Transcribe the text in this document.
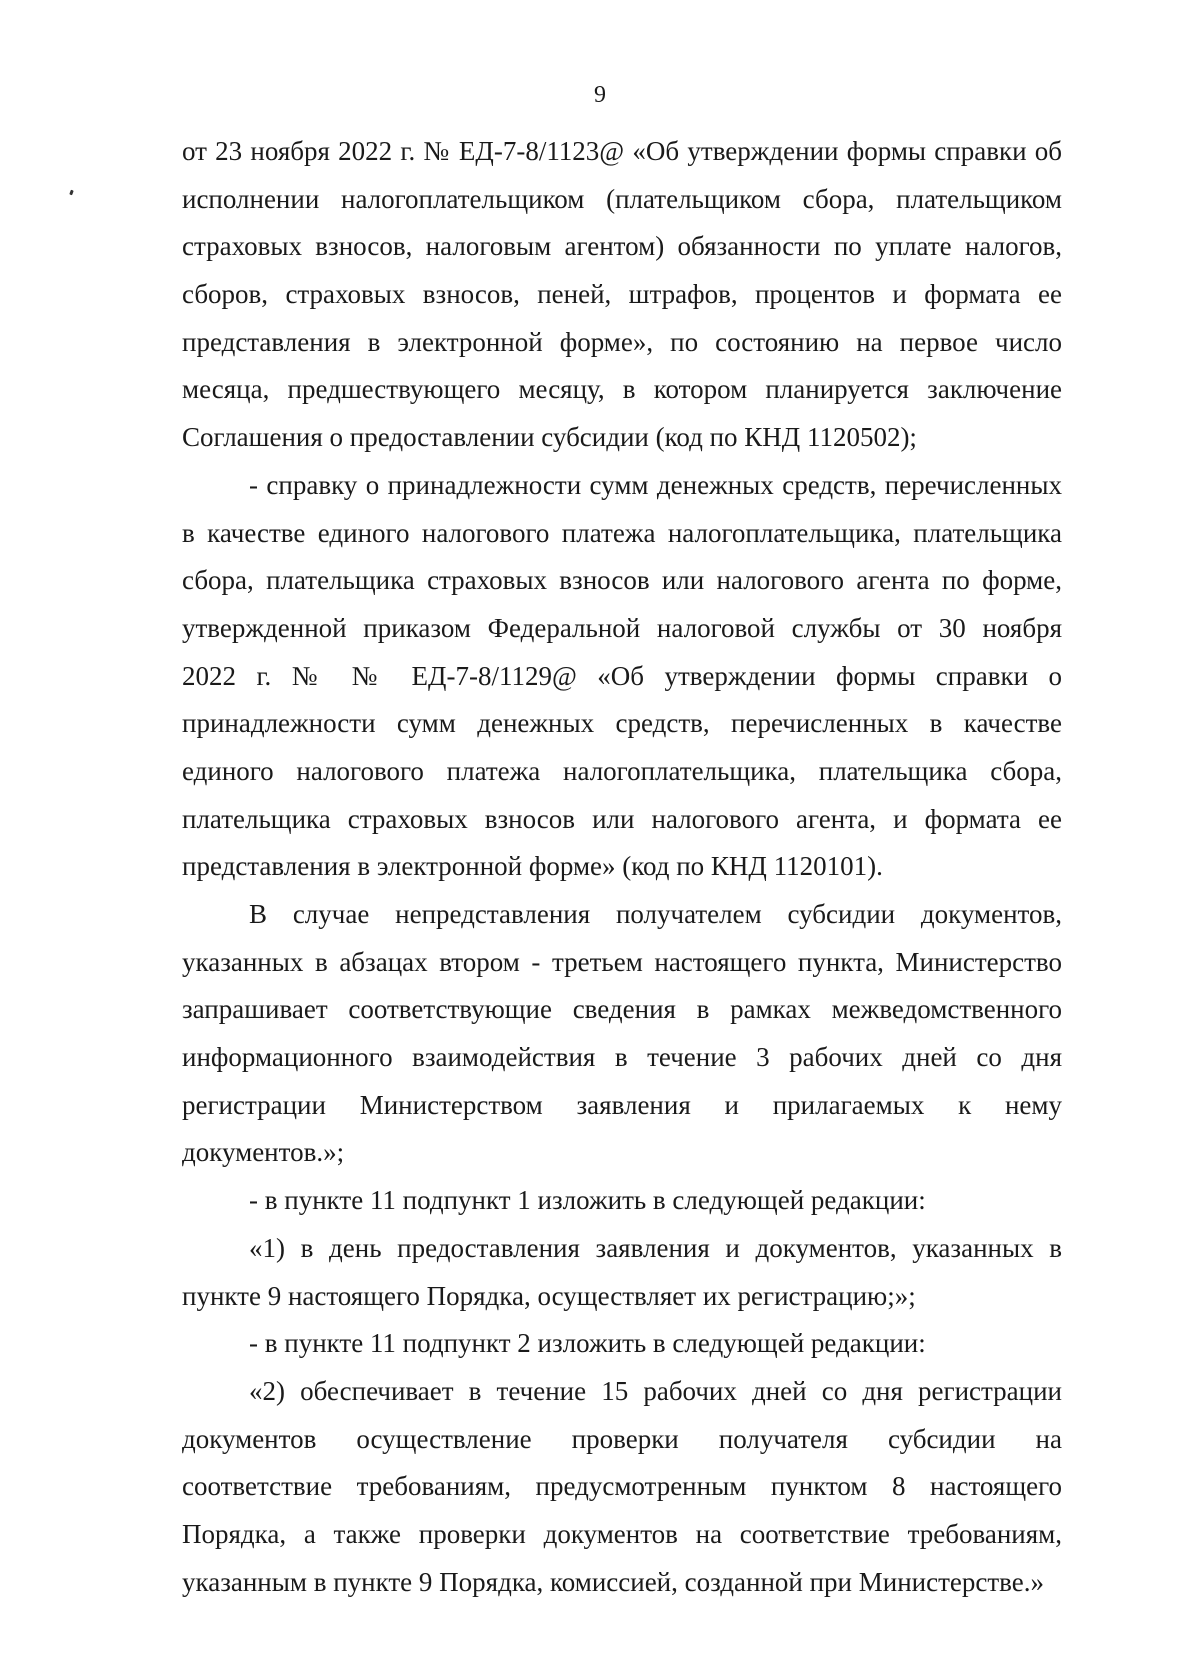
9
от 23 ноября 2022 г. № ЕД-7-8/1123@ «Об утверждении формы справки об
исполнении налогоплательщиком (плательщиком сбора, плательщиком
страховых взносов, налоговым агентом) обязанности по уплате налогов,
сборов, страховых взносов, пеней, штрафов, процентов и формата ее
представления в электронной форме», по состоянию на первое число
месяца, предшествующего месяцу, в котором планируется заключение
Соглашения о предоставлении субсидии (код по КНД 1120502);
- справку о принадлежности сумм денежных средств, перечисленных
в качестве единого налогового платежа налогоплательщика, плательщика
сбора, плательщика страховых взносов или налогового агента по форме,
утвержденной приказом Федеральной налоговой службы от 30 ноября
2022 г. № № ЕД-7-8/1129@ «Об утверждении формы справки о
принадлежности сумм денежных средств, перечисленных в качестве
единого налогового платежа налогоплательщика, плательщика сбора,
плательщика страховых взносов или налогового агента, и формата ее
представления в электронной форме» (код по КНД 1120101).
В случае непредставления получателем субсидии документов,
указанных в абзацах втором - третьем настоящего пункта, Министерство
запрашивает соответствующие сведения в рамках межведомственного
информационного взаимодействия в течение 3 рабочих дней со дня
регистрации Министерством заявления и прилагаемых к нему
документов.»;
- в пункте 11 подпункт 1 изложить в следующей редакции:
«1) в день предоставления заявления и документов, указанных в
пункте 9 настоящего Порядка, осуществляет их регистрацию;»;
- в пункте 11 подпункт 2 изложить в следующей редакции:
«2) обеспечивает в течение 15 рабочих дней со дня регистрации
документов осуществление проверки получателя субсидии на
соответствие требованиям, предусмотренным пунктом 8 настоящего
Порядка, а также проверки документов на соответствие требованиям,
указанным в пункте 9 Порядка, комиссией, созданной при Министерстве.»
